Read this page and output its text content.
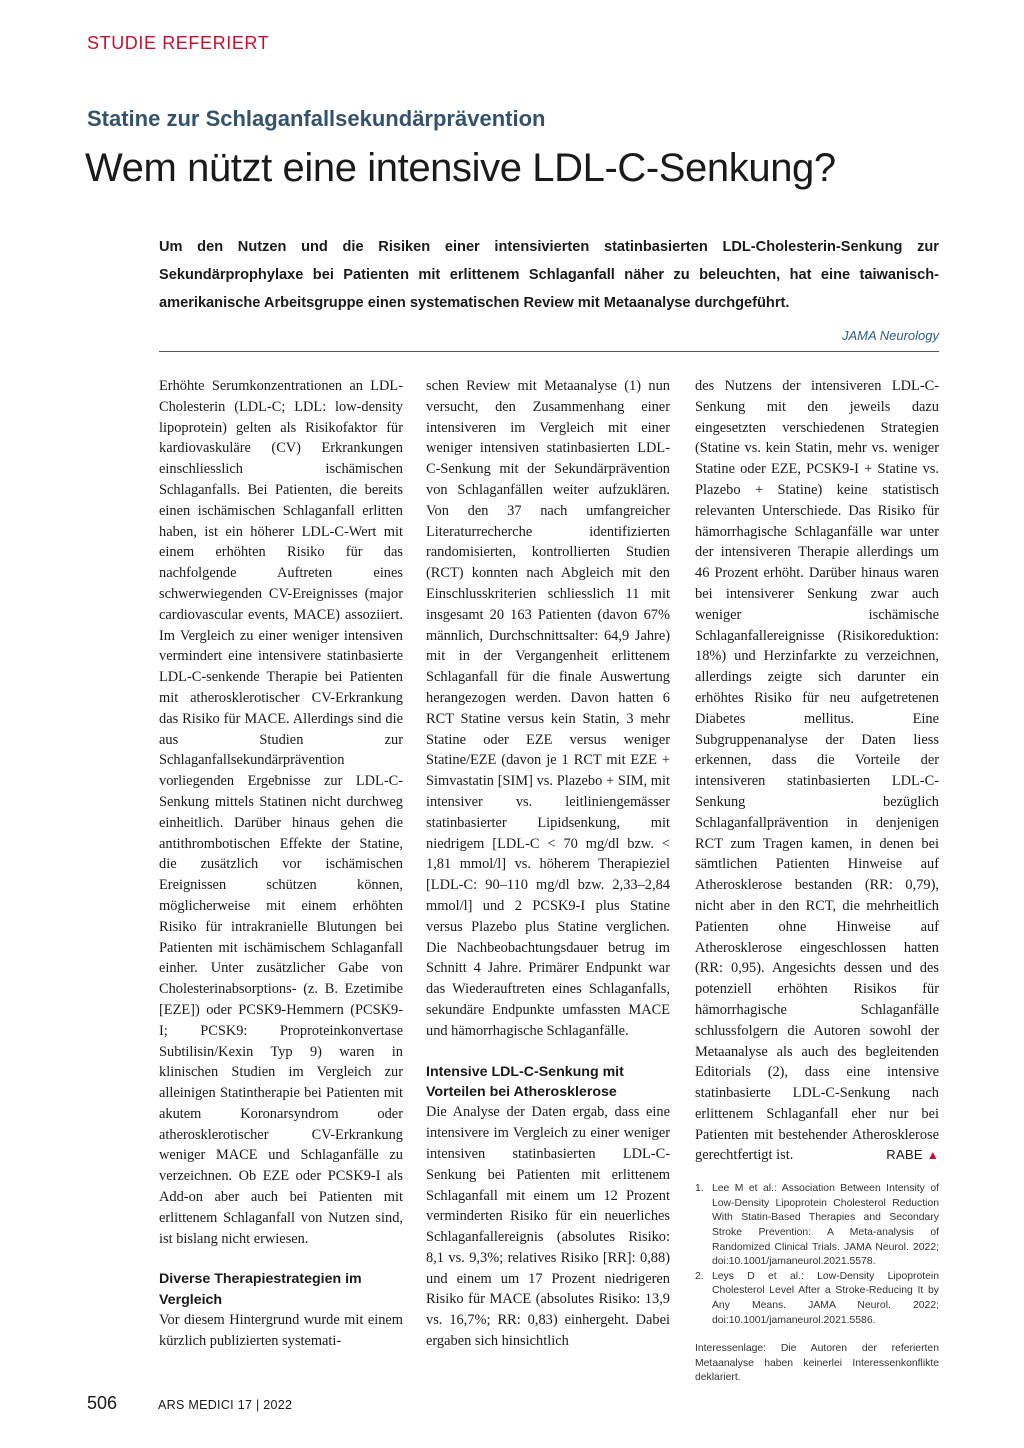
STUDIE REFERIERT
Statine zur Schlaganfallsekundärprävention
Wem nützt eine intensive LDL-C-Senkung?
Um den Nutzen und die Risiken einer intensivierten statinbasierten LDL-Cholesterin-Senkung zur Sekundärprophylaxe bei Patienten mit erlittenem Schlaganfall näher zu beleuchten, hat eine taiwanisch-amerikanische Arbeitsgruppe einen systematischen Review mit Metaanalyse durchgeführt.
JAMA Neurology

Erhöhte Serumkonzentrationen an LDL-Cholesterin (LDL-C; LDL: low-density lipoprotein) gelten als Risikofaktor für kardiovaskuläre (CV) Erkrankungen einschliesslich ischämischen Schlaganfalls. Bei Patienten, die bereits einen ischämischen Schlaganfall erlitten haben, ist ein höherer LDL-C-Wert mit einem erhöhten Risiko für das nachfolgende Auftreten eines schwerwiegenden CV-Ereignisses (major cardiovascular events, MACE) assoziiert. Im Vergleich zu einer weniger intensiven vermindert eine intensivere statinbasierte LDL-C-senkende Therapie bei Patienten mit atherosklerotischer CV-Erkrankung das Risiko für MACE. Allerdings sind die aus Studien zur Schlaganfallsekundärprävention vorliegenden Ergebnisse zur LDL-C-Senkung mittels Statinen nicht durchweg einheitlich. Darüber hinaus gehen die antithrombotischen Effekte der Statine, die zusätzlich vor ischämischen Ereignissen schützen können, möglicherweise mit einem erhöhten Risiko für intrakranielle Blutungen bei Patienten mit ischämischem Schlaganfall einher. Unter zusätzlicher Gabe von Cholesterinabsorptions- (z. B. Ezetimibe [EZE]) oder PCSK9-Hemmern (PCSK9-I; PCSK9: Proproteinkonvertase Subtilisin/Kexin Typ 9) waren in klinischen Studien im Vergleich zur alleinigen Statintherapie bei Patienten mit akutem Koronarsyndrom oder atherosklerotischer CV-Erkrankung weniger MACE und Schlaganfälle zu verzeichnen. Ob EZE oder PCSK9-I als Add-on aber auch bei Patienten mit erlittenem Schlaganfall von Nutzen sind, ist bislang nicht erwiesen.

Diverse Therapiestrategien im Vergleich

Vor diesem Hintergrund wurde mit einem kürzlich publizierten systemati-

schen Review mit Metaanalyse (1) nun versucht, den Zusammenhang einer intensiveren im Vergleich mit einer weniger intensiven statinbasierten LDL-C-Senkung mit der Sekundärprävention von Schlaganfällen weiter aufzuklären. Von den 37 nach umfangreicher Literaturrecherche identifizierten randomisierten, kontrollierten Studien (RCT) konnten nach Abgleich mit den Einschlusskriterien schliesslich 11 mit insgesamt 20 163 Patienten (davon 67% männlich, Durchschnittsalter: 64,9 Jahre) mit in der Vergangenheit erlittenem Schlaganfall für die finale Auswertung herangezogen werden. Davon hatten 6 RCT Statine versus kein Statin, 3 mehr Statine oder EZE versus weniger Statine/EZE (davon je 1 RCT mit EZE + Simvastatin [SIM] vs. Plazebo + SIM, mit intensiver vs. leitliniengemässer statinbasierter Lipidsenkung, mit niedrigem [LDL-C < 70 mg/dl bzw. < 1,81 mmol/l] vs. höherem Therapieziel [LDL-C: 90–110 mg/dl bzw. 2,33–2,84 mmol/l] und 2 PCSK9-I plus Statine versus Plazebo plus Statine verglichen. Die Nachbeobachtungsdauer betrug im Schnitt 4 Jahre. Primärer Endpunkt war das Wiederauftreten eines Schlaganfalls, sekundäre Endpunkte umfassten MACE und hämorrhagische Schlaganfälle.

Intensive LDL-C-Senkung mit Vorteilen bei Atherosklerose

Die Analyse der Daten ergab, dass eine intensivere im Vergleich zu einer weniger intensiven statinbasierten LDL-C-Senkung bei Patienten mit erlittenem Schlaganfall mit einem um 12 Prozent verminderten Risiko für ein neuerliches Schlaganfallereignis (absolutes Risiko: 8,1 vs. 9,3%; relatives Risiko [RR]: 0,88) und einem um 17 Prozent niedrigeren Risiko für MACE (absolutes Risiko: 13,9 vs. 16,7%; RR: 0,83) einhergeht. Dabei ergaben sich hinsichtlich

des Nutzens der intensiveren LDL-C-Senkung mit den jeweils dazu eingesetzten verschiedenen Strategien (Statine vs. kein Statin, mehr vs. weniger Statine oder EZE, PCSK9-I + Statine vs. Plazebo + Statine) keine statistisch relevanten Unterschiede. Das Risiko für hämorrhagische Schlaganfälle war unter der intensiveren Therapie allerdings um 46 Prozent erhöht. Darüber hinaus waren bei intensiverer Senkung zwar auch weniger ischämische Schlaganfallereignisse (Risikoreduktion: 18%) und Herzinfarkte zu verzeichnen, allerdings zeigte sich darunter ein erhöhtes Risiko für neu aufgetretenen Diabetes mellitus. Eine Subgruppenanalyse der Daten liess erkennen, dass die Vorteile der intensiveren statinbasierten LDL-C-Senkung bezüglich Schlaganfallprävention in denjenigen RCT zum Tragen kamen, in denen bei sämtlichen Patienten Hinweise auf Atherosklerose bestanden (RR: 0,79), nicht aber in den RCT, die mehrheitlich Patienten ohne Hinweise auf Atherosklerose eingeschlossen hatten (RR: 0,95). Angesichts dessen und des potenziell erhöhten Risikos für hämorrhagische Schlaganfälle schlussfolgern die Autoren sowohl der Metaanalyse als auch des begleitenden Editorials (2), dass eine intensive statinbasierte LDL-C-Senkung nach erlittenem Schlaganfall eher nur bei Patienten mit bestehender Atherosklerose gerechtfertigt ist.	RABE ▲
1. Lee M et al.: Association Between Intensity of Low-Density Lipoprotein Cholesterol Reduction With Statin-Based Therapies and Secondary Stroke Prevention: A Meta-analysis of Randomized Clinical Trials. JAMA Neurol. 2022; doi:10.1001/jamaneurol.2021.5578.
2. Leys D et al.: Low-Density Lipoprotein Cholesterol Level After a Stroke-Reducing It by Any Means. JAMA Neurol. 2022; doi:10.1001/jamaneurol.2021.5586.
Interessenlage: Die Autoren der referierten Metaanalyse haben keinerlei Interessenkonflikte deklariert.
506	ARS MEDICI 17 | 2022
